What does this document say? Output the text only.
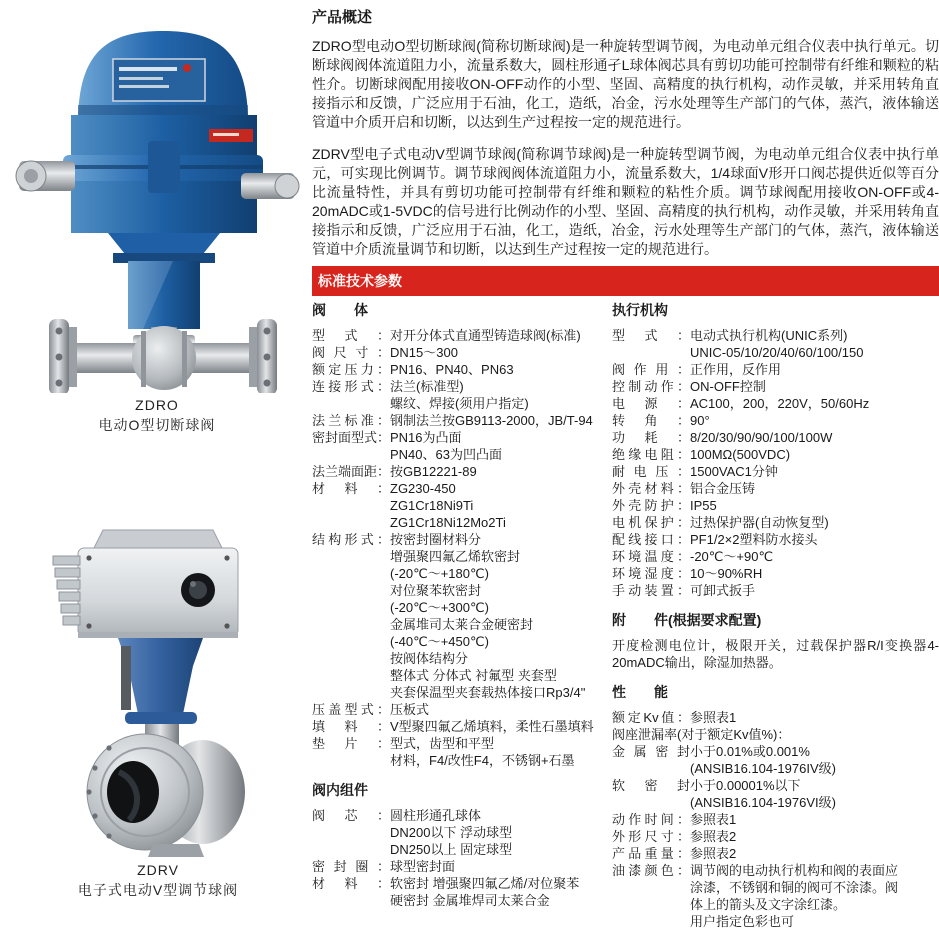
ZDRO
电动O型切断球阀
ZDRV
电子式电动V型调节球阀
产品概述

ZDRO型电动O型切断球阀(简称切断球阀)是一种旋转型调节阀，为电动单元组合仪表中执行单元。切断球阀阀体流道阻力小，流量系数大，圆柱形通孑L球体阀芯具有剪切功能可控制带有纤维和颗粒的粘性介。切断球阀配用接收ON-OFF动作的小型、坚固、高精度的执行机构，动作灵敏，并采用转角直接指示和反馈，广泛应用于石油，化工，造纸，冶金，污水处理等生产部门的气体，蒸汽，液体输送管道中介质开启和切断，以达到生产过程按一定的规范进行。

ZDRV型电子式电动V型调节球阀(简称调节球阀)是一种旋转型调节阀，为电动单元组合仪表中执行单元，可实现比例调节。调节球阀阀体流道阻力小，流量系数大，1/4球面V形开口阀芯提供近似等百分比流量特性，并具有剪切功能可控制带有纤维和颗粒的粘性介质。调节球阀配用接收ON-OFF或4-20mADC或1-5VDC的信号进行比例动作的小型、坚固、高精度的执行机构，动作灵敏，并采用转角直接指示和反馈，广泛应用于石油，化工，造纸，冶金，污水处理等生产部门的气体，蒸汽，液体输送管道中介质流量调节和切断，以达到生产过程按一定的规范进行。

标准技术参数
阀　　体
型式： 对开分体式直通型铸造球阀(标准)
阀尺寸： DN15～300
额定压力： PN16、PN40、PN63
连接形式： 法兰(标准型)
螺纹、焊接(须用户指定)
法兰标准： 钢制法兰按GB9113-2000，JB/T-94
密封面型式： PN16为凸面
PN40、63为凹凸面
法兰端面距： 按GB12221-89
材料： ZG230-450
ZG1Cr18Ni9Ti
ZG1Cr18Ni12Mo2Ti
结构形式： 按密封圈材料分
增强聚四氟乙烯软密封
(-20℃～+180℃)
对位聚苯软密封
(-20℃～+300℃)
金属堆司太莱合金硬密封
(-40℃～+450℃)
按阀体结构分
整体式 分体式 衬氟型 夹套型
夹套保温型夹套载热体接口Rp3/4"
压盖型式： 压板式
填料： V型聚四氟乙烯填料，柔性石墨填料
垫片： 型式，齿型和平型
材料，F4/改性F4，不锈钢+石墨
阀内组件
阀芯： 圆柱形通孔球体
DN200以下 浮动球型
DN250以上 固定球型
密封圈： 球型密封面
材料： 软密封 增强聚四氟乙烯/对位聚苯
硬密封 金属堆焊司太莱合金
执行机构
型式： 电动式执行机构(UNIC系列)
UNIC-05/10/20/40/60/100/150
阀作用： 正作用，反作用
控制动作： ON-OFF控制
电源： AC100，200，220V，50/60Hz
转角： 90°
功耗： 8/20/30/90/90/100/100W
绝缘电阻： 100MΩ(500VDC)
耐电压： 1500VAC1分钟
外壳材料： 铝合金压铸
外壳防护： IP55
电机保护： 过热保护器(自动恢复型)
配线接口： PF1/2×2塑料防水接头
环境温度： -20℃～+90℃
环境湿度： 10～90%RH
手动装置： 可卸式扳手
附　　件(根据要求配置)
开度检测电位计，极限开关，过载保护器R/I变换器4-20mADC输出，除湿加热器。
性　　能
额定Kv值： 参照表1
阀座泄漏率(对于额定Kv值%)：
金属密封 小于0.01%或0.001%
(ANSIB16.104-1976IV级)
软密封 小于0.00001%以下
(ANSIB16.104-1976VI级)
动作时间： 参照表1
外形尺寸： 参照表2
产品重量： 参照表2
油漆颜色： 调节阀的电动执行机构和阀的表面应
涂漆，不锈钢和铜的阀可不涂漆。阀
体上的箭头及文字涂红漆。
用户指定色彩也可
